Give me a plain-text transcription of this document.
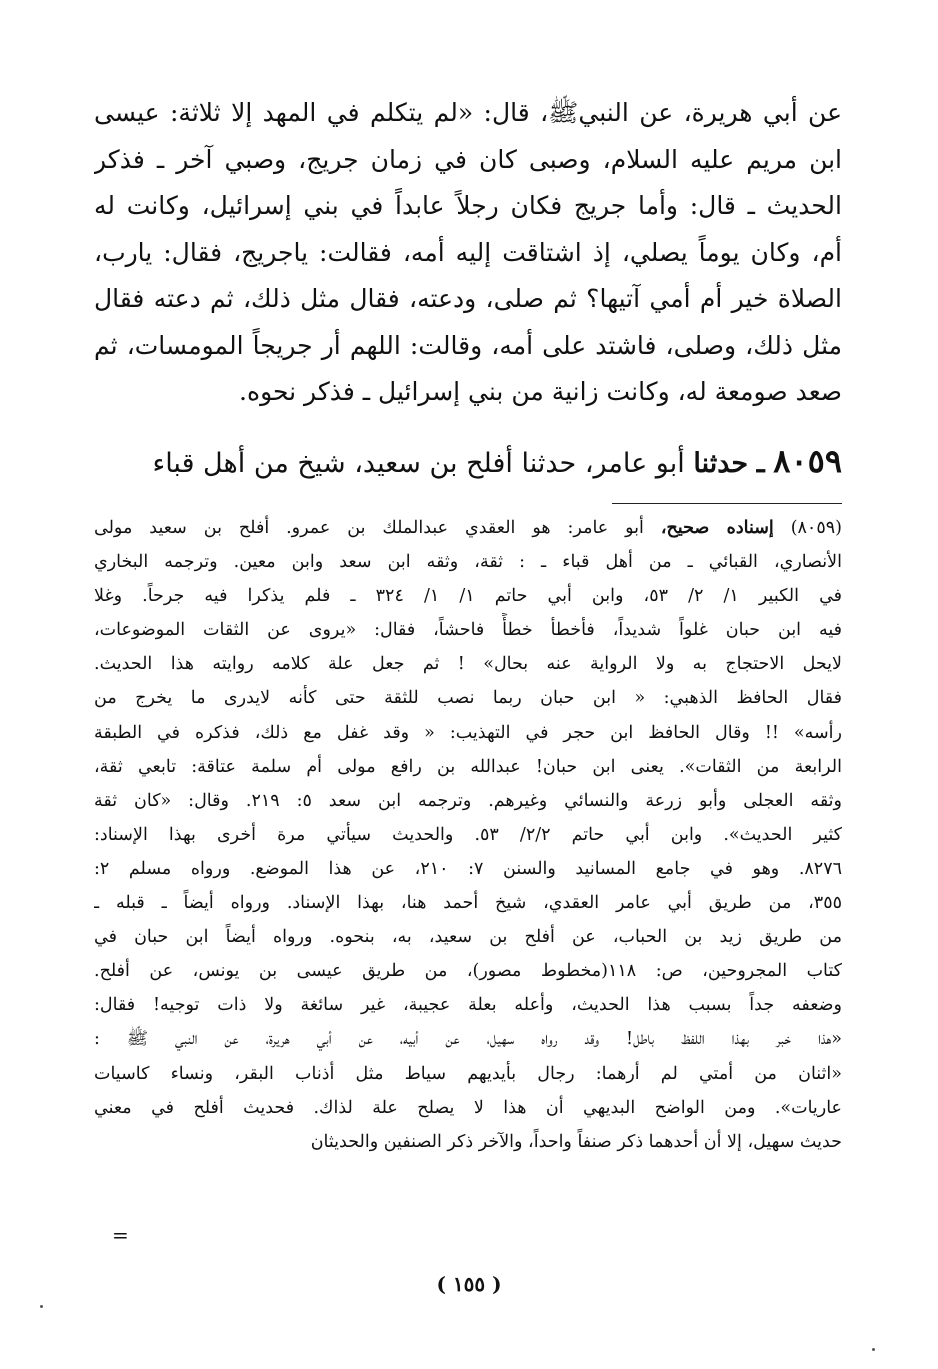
عن أبي هريرة، عن النبيﷺ، قال: «لم يتكلم في المهد إلا ثلاثة: عيسى
ابن مريم عليه السلام، وصبى كان في زمان جريج، وصبي آخر ـ فذكر
الحديث ـ قال: وأما جريج فكان رجلاً عابداً في بني إسرائيل، وكانت له
أم، وكان يوماً يصلي، إذ اشتاقت إليه أمه، فقالت: ياجريج، فقال: يارب،
الصلاة خير أم أمي آتيها؟ ثم صلى، ودعته، فقال مثل ذلك، ثم دعته فقال
مثل ذلك، وصلى، فاشتد على أمه، وقالت: اللهم أر جريجاً المومسات، ثم
صعد صومعة له، وكانت زانية من بني إسرائيل ـ فذكر نحوه.
٨٠٥٩ ـ حدثنا أبو عامر، حدثنا أفلح بن سعيد، شيخ من أهل قباء
(٨٠٥٩) إسناده صحيح، أبو عامر: هو العقدي عبدالملك بن عمرو. أفلح بن سعيد مولى
الأنصاري، القبائي ـ من أهل قباء ـ : ثقة، وثقه ابن سعد وابن معين. وترجمه البخاري
في الكبير ١/ ٢/ ٥٣، وابن أبي حاتم ١/ ١/ ٣٢٤ ـ فلم يذكرا فيه جرحاً. وغلا
فيه ابن حبان غلواً شديداً، فأخطأ خطأً فاحشاً، فقال: «يروى عن الثقات الموضوعات،
لايحل الاحتجاج به ولا الرواية عنه بحال» ! ثم جعل علة كلامه روايته هذا الحديث.
فقال الحافظ الذهبي: « ابن حبان ربما نصب للثقة حتى كأنه لايدرى ما يخرج من
رأسه» !! وقال الحافظ ابن حجر في التهذيب: « وقد غفل مع ذلك، فذكره في الطبقة
الرابعة من الثقات». يعنى ابن حبان! عبدالله بن رافع مولى أم سلمة عتاقة: تابعي ثقة،
وثقه العجلى وأبو زرعة والنسائي وغيرهم. وترجمه ابن سعد ٥: ٢١٩. وقال: «كان ثقة
كثير الحديث». وابن أبي حاتم ٢/٢/ ٥٣. والحديث سيأتي مرة أخرى بهذا الإسناد:
٨٢٧٦. وهو في جامع المسانيد والسنن ٧: ٢١٠، عن هذا الموضع. ورواه مسلم ٢:
٣٥٥، من طريق أبي عامر العقدي، شيخ أحمد هنا، بهذا الإسناد. ورواه أيضاً ـ قبله ـ
من طريق زيد بن الحباب، عن أفلح بن سعيد، به، بنحوه. ورواه أيضاً ابن حبان في
كتاب المجروحين، ص: ١١٨(مخطوط مصور)، من طريق عيسى بن يونس، عن أفلح.
وضعفه جداً بسبب هذا الحديث، وأعله بعلة عجيبة، غير سائغة ولا ذات توجيه! فقال:
«هذا خبر بهذا اللفظ باطل! وقد رواه سهيل، عن أبيه، عن أبي هريرة، عن النبي ﷺ :
«اثنان من أمتي لم أرهما: رجال بأيديهم سياط مثل أذناب البقر، ونساء كاسيات
عاريات». ومن الواضح البديهي أن هذا لا يصلح علة لذاك. فحديث أفلح في معني
حديث سهيل، إلا أن أحدهما ذكر صنفاً واحداً، والآخر ذكر الصنفين والحديثان
=
( ١٥٥ )
